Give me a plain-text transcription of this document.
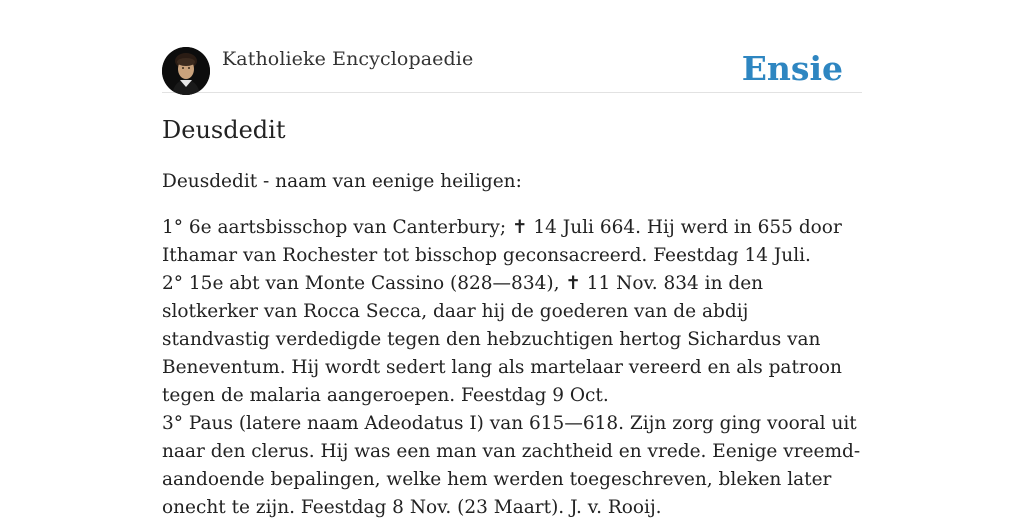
Katholieke Encyclopaedie	Ensie
Deusdedit

Deusdedit - naam van eenige heiligen:

1° 6e aartsbisschop van Canterbury; ✝ 14 Juli 664. Hij werd in 655 door Ithamar van Rochester tot bisschop geconsacreerd. Feestdag 14 Juli.
2° 15e abt van Monte Cassino (828—834), ✝ 11 Nov. 834 in den slotkerker van Rocca Secca, daar hij de goederen van de abdij standvastig verdedigde tegen den hebzuchtigen hertog Sichardus van Beneventum. Hij wordt sedert lang als martelaar vereerd en als patroon tegen de malaria aangeroepen. Feestdag 9 Oct.
3° Paus (latere naam Adeodatus I) van 615—618. Zijn zorg ging vooral uit naar den clerus. Hij was een man van zachtheid en vrede. Eenige vreemd-aandoende bepalingen, welke hem werden toegeschreven, bleken later onecht te zijn. Feestdag 8 Nov. (23 Maart). J. v. Rooij.
